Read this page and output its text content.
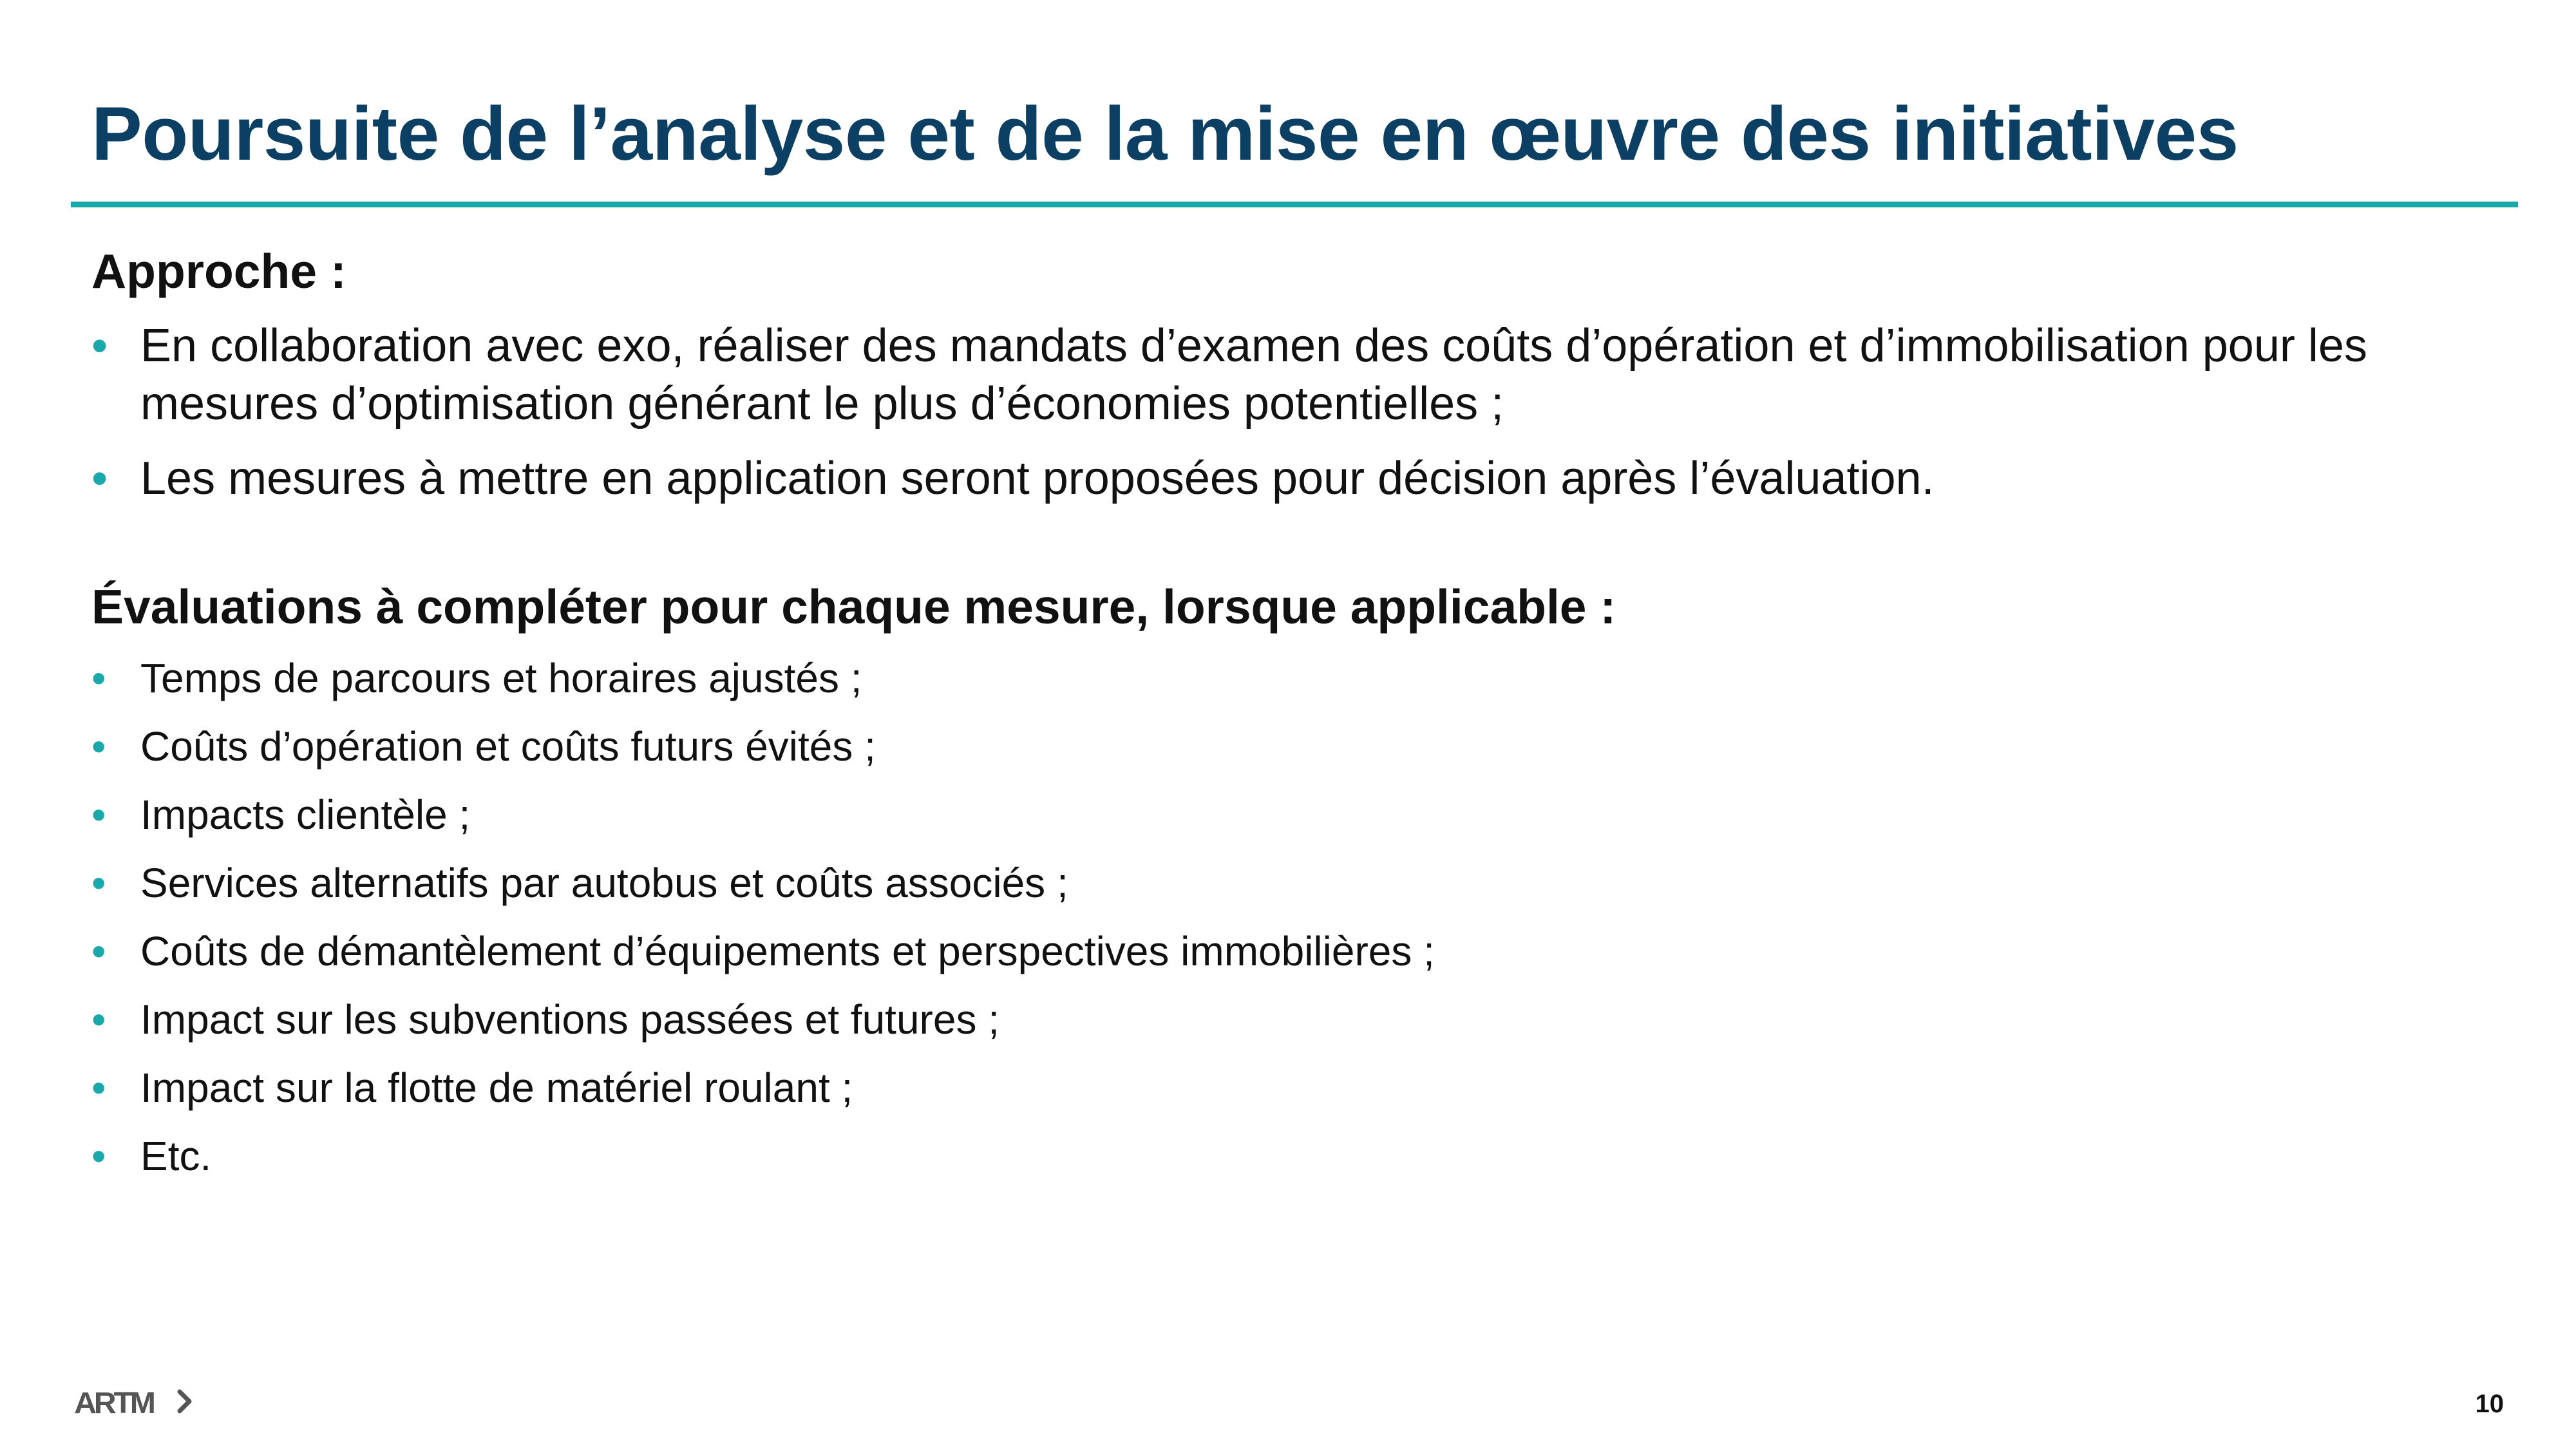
Poursuite de l’analyse et de la mise en œuvre des initiatives
Approche :
• En collaboration avec exo, réaliser des mandats d’examen des coûts d’opération et d’immobilisation pour les mesures d’optimisation générant le plus d’économies potentielles ;
• Les mesures à mettre en application seront proposées pour décision après l’évaluation.
Évaluations à compléter pour chaque mesure, lorsque applicable :
• Temps de parcours et horaires ajustés ;
• Coûts d’opération et coûts futurs évités ;
• Impacts clientèle ;
• Services alternatifs par autobus et coûts associés ;
• Coûts de démantèlement d’équipements et perspectives immobilières ;
• Impact sur les subventions passées et futures ;
• Impact sur la flotte de matériel roulant ;
• Etc.
ARTM	10
